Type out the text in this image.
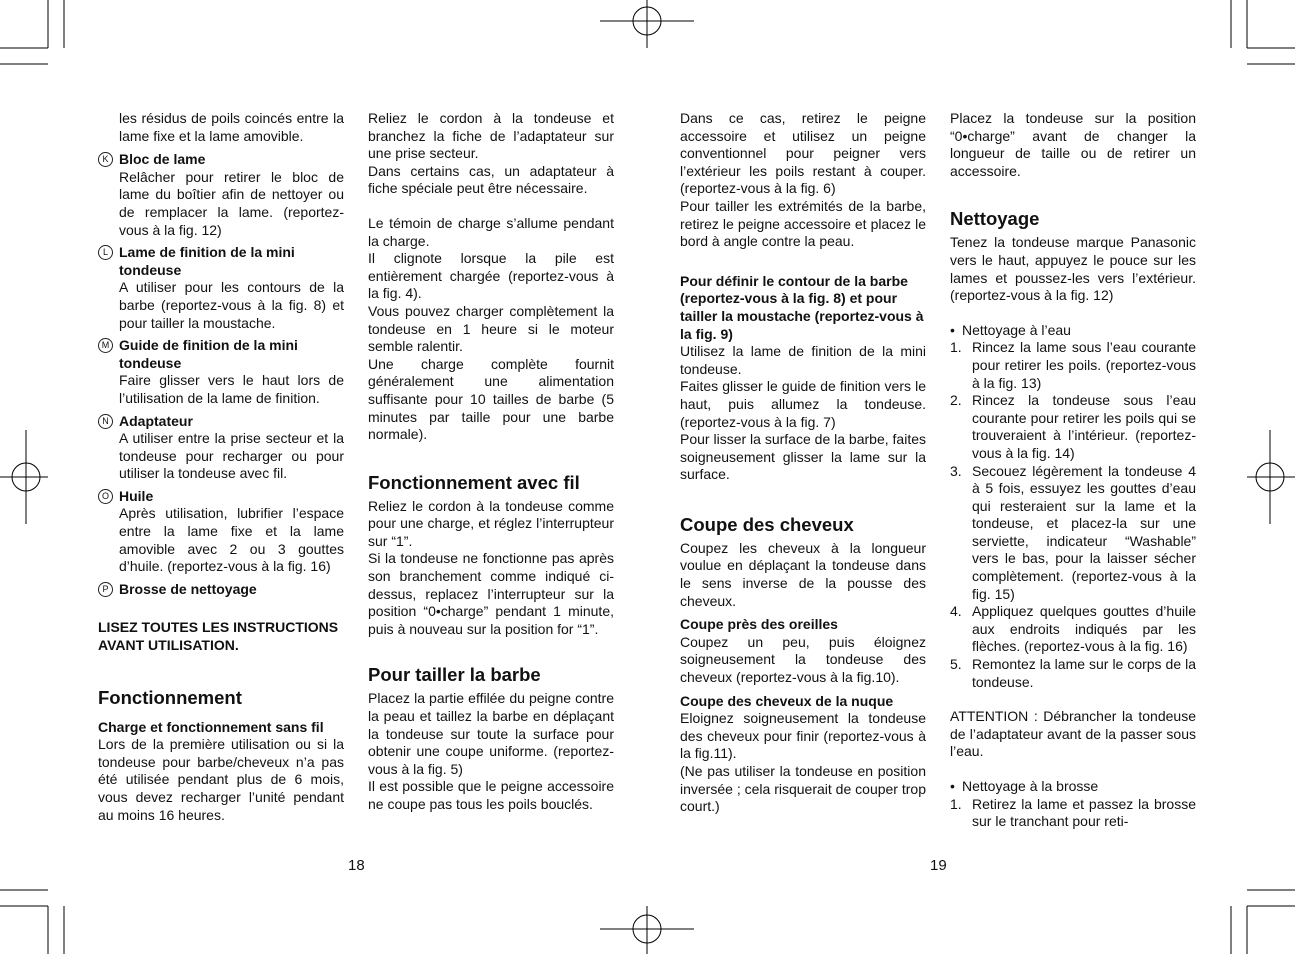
les résidus de poils coincés entre la lame fixe et la lame amovible.

K Bloc de lame
Relâcher pour retirer le bloc de lame du boîtier afin de nettoyer ou de remplacer la lame. (reportez-vous à la fig. 12)
L Lame de finition de la mini tondeuse
A utiliser pour les contours de la barbe (reportez-vous à la fig. 8) et pour tailler la moustache.
M Guide de finition de la mini tondeuse
Faire glisser vers le haut lors de l’utilisation de la lame de finition.
N Adaptateur
A utiliser entre la prise secteur et la tondeuse pour recharger ou pour utiliser la tondeuse avec fil.
O Huile
Après utilisation, lubrifier l’espace entre la lame fixe et la lame amovible avec 2 ou 3 gouttes d’huile. (reportez-vous à la fig. 16)
P Brosse de nettoyage

LISEZ TOUTES LES INSTRUCTIONS AVANT UTILISATION.

Fonctionnement

Charge et fonctionnement sans fil

Lors de la première utilisation ou si la tondeuse pour barbe/cheveux n’a pas été utilisée pendant plus de 6 mois, vous devez recharger l’unité pendant au moins 16 heures.

Reliez le cordon à la tondeuse et branchez la fiche de l’adaptateur sur une prise secteur.

Dans certains cas, un adaptateur à fiche spéciale peut être nécessaire.

Le témoin de charge s’allume pendant la charge.

Il clignote lorsque la pile est entièrement chargée (reportez-vous à la fig. 4).

Vous pouvez charger complètement la tondeuse en 1 heure si le moteur semble ralentir.

Une charge complète fournit généralement une alimentation suffisante pour 10 tailles de barbe (5 minutes par taille pour une barbe normale).

Fonctionnement avec fil

Reliez le cordon à la tondeuse comme pour une charge, et réglez l’interrupteur sur “1”.

Si la tondeuse ne fonctionne pas après son branchement comme indiqué ci-dessus, replacez l’interrupteur sur la position “0•charge” pendant 1 minute, puis à nouveau sur la position for “1”.

Pour tailler la barbe

Placez la partie effilée du peigne contre la peau et taillez la barbe en déplaçant la tondeuse sur toute la surface pour obtenir une coupe uniforme. (reportez-vous à la fig. 5)

Il est possible que le peigne accessoire ne coupe pas tous les poils bouclés.

Dans ce cas, retirez le peigne accessoire et utilisez un peigne conventionnel pour peigner vers l’extérieur les poils restant à couper. (reportez-vous à la fig. 6)

Pour tailler les extrémités de la barbe, retirez le peigne accessoire et placez le bord à angle contre la peau.

Pour définir le contour de la barbe (reportez-vous à la fig. 8) et pour tailler la moustache (reportez-vous à la fig. 9)

Utilisez la lame de finition de la mini tondeuse.

Faites glisser le guide de finition vers le haut, puis allumez la tondeuse. (reportez-vous à la fig. 7)

Pour lisser la surface de la barbe, faites soigneusement glisser la lame sur la surface.

Coupe des cheveux

Coupez les cheveux à la longueur voulue en déplaçant la tondeuse dans le sens inverse de la pousse des cheveux.

Coupe près des oreilles

Coupez un peu, puis éloignez soigneusement la tondeuse des cheveux (reportez-vous à la fig.10).

Coupe des cheveux de la nuque

Eloignez soigneusement la tondeuse des cheveux pour finir (reportez-vous à la fig.11).

(Ne pas utiliser la tondeuse en position inversée ; cela risquerait de couper trop court.)

Placez la tondeuse sur la position “0•charge” avant de changer la longueur de taille ou de retirer un accessoire.

Nettoyage

Tenez la tondeuse marque Panasonic vers le haut, appuyez le pouce sur les lames et poussez-les vers l’extérieur. (reportez-vous à la fig. 12)

• Nettoyage à l’eau
1. Rincez la lame sous l’eau courante pour retirer les poils. (reportez-vous à la fig. 13)
2. Rincez la tondeuse sous l’eau courante pour retirer les poils qui se trouveraient à l’intérieur. (reportez-vous à la fig. 14)
3. Secouez légèrement la tondeuse 4 à 5 fois, essuyez les gouttes d’eau qui resteraient sur la lame et la tondeuse, et placez-la sur une serviette, indicateur “Washable” vers le bas, pour la laisser sécher complètement. (reportez-vous à la fig. 15)
4. Appliquez quelques gouttes d’huile aux endroits indiqués par les flèches. (reportez-vous à la fig. 16)
5. Remontez la lame sur le corps de la tondeuse.

ATTENTION : Débrancher la tondeuse de l’adaptateur avant de la passer sous l’eau.

• Nettoyage à la brosse
1. Retirez la lame et passez la brosse sur le tranchant pour reti-
18	19
